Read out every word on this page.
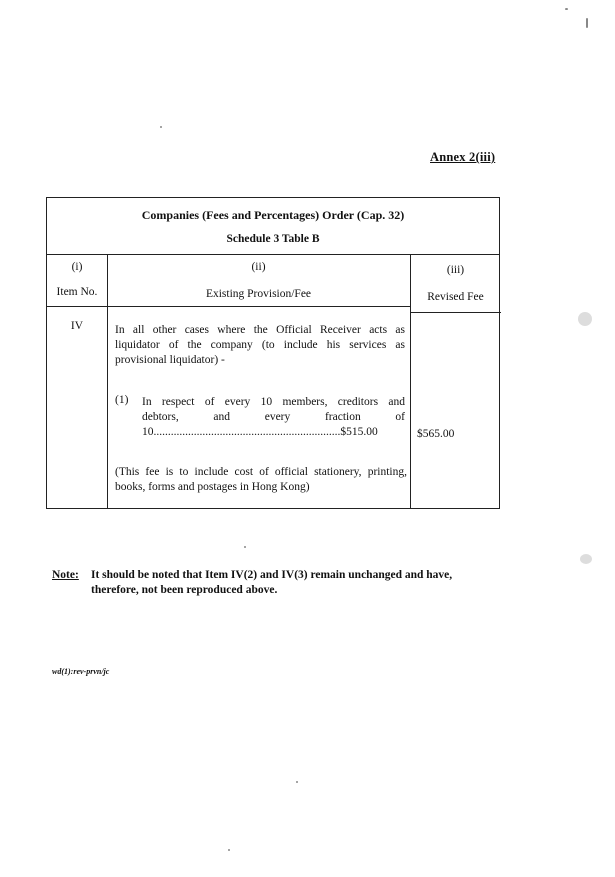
Annex 2(iii)
Companies (Fees and Percentages) Order (Cap. 32)
Schedule 3 Table B
(i)
Item No.
(ii)
Existing Provision/Fee
(iii)
Revised Fee
IV	In all other cases where the Official Receiver acts as
liquidator of the company (to include his services as
provisional liquidator) -
(1) In respect of every 10 members, creditors and
debtors, and every fraction of
10.................................................................$515.00	$565.00
(This fee is to include cost of official stationery, printing,
books, forms and postages in Hong Kong)
Note: It should be noted that Item IV(2) and IV(3) remain unchanged and have,
therefore, not been reproduced above.
wd(1):rev-prvn/jc
